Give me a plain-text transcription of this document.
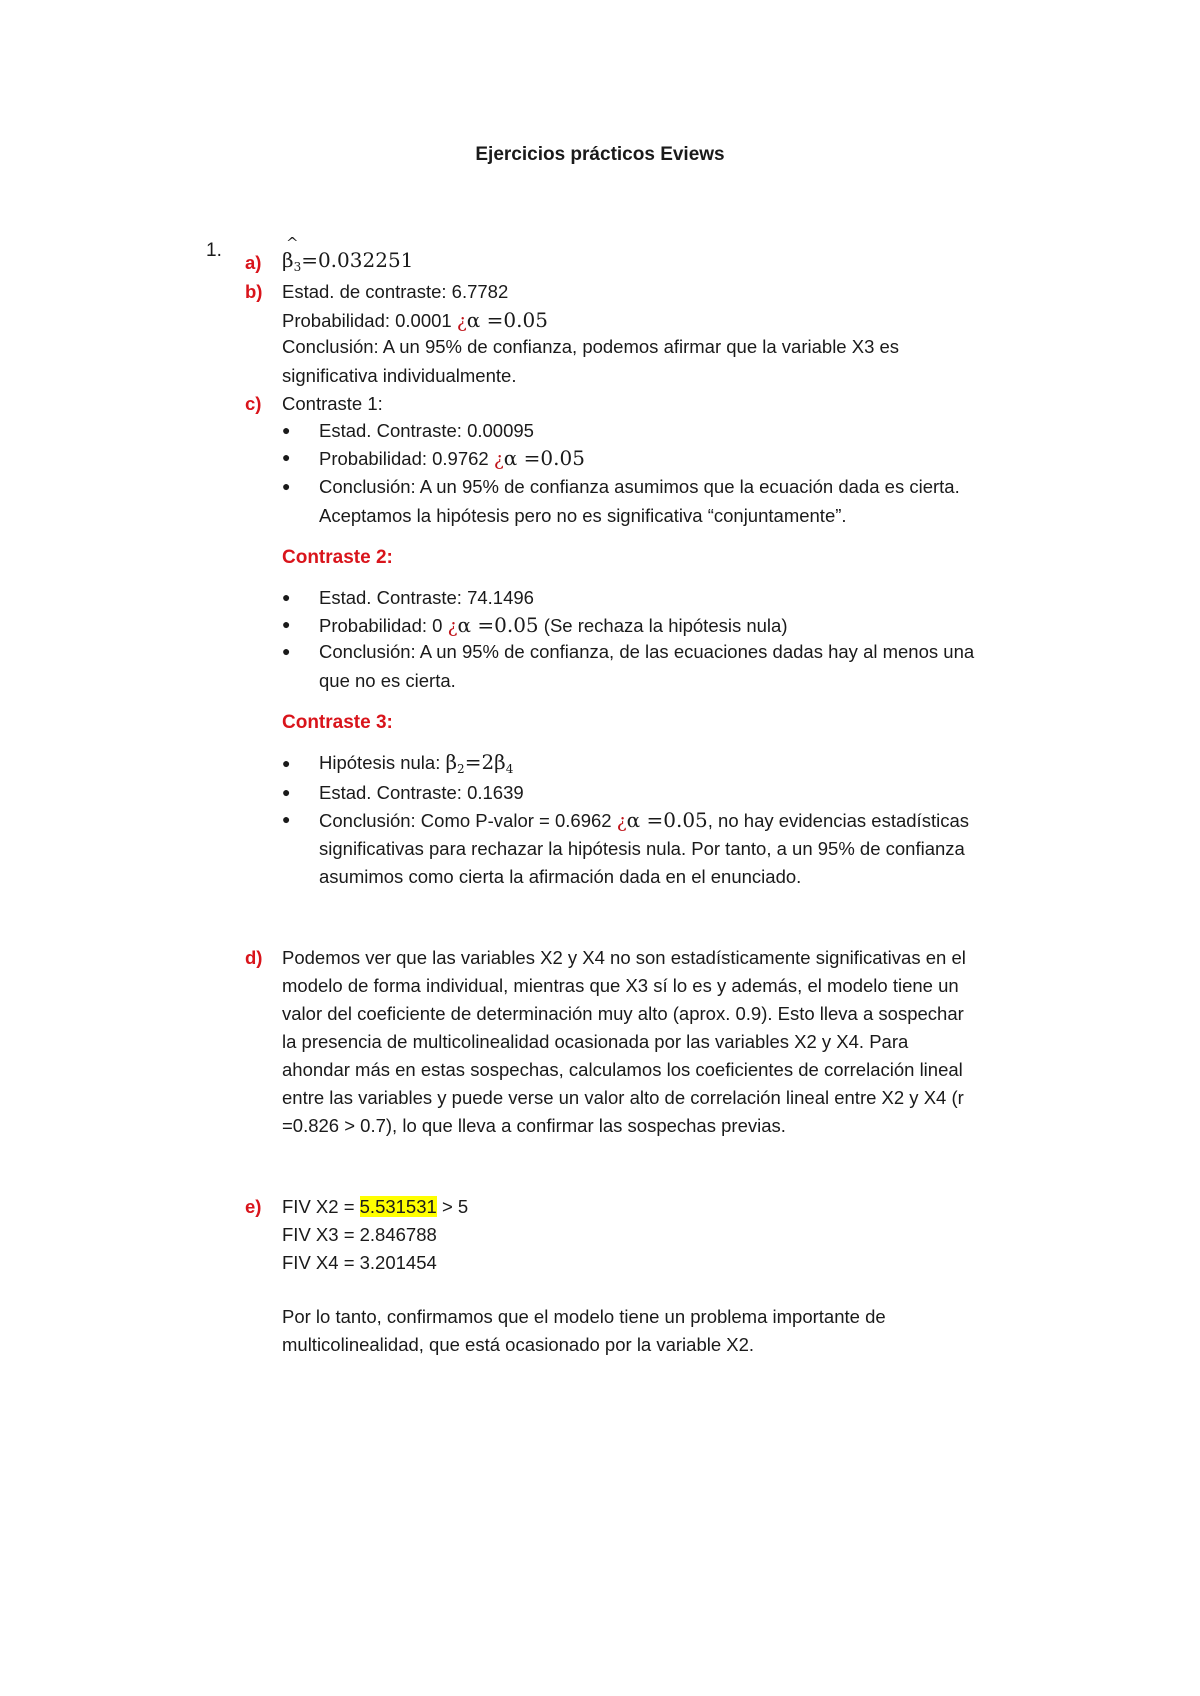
Ejercicios prácticos Eviews
1.
a)
^ $\beta_3=0.032251$
b) Estad. de contraste: 6.7782
Probabilidad: 0.0001 ¿α =0.05
Conclusión: A un 95% de confianza, podemos afirmar que la variable X3 es
significativa individualmente.
c) Contraste 1:
● Estad. Contraste: 0.00095
● Probabilidad: 0.9762 ¿α =0.05
● Conclusión: A un 95% de confianza asumimos que la ecuación dada es cierta.
Aceptamos la hipótesis pero no es significativa “conjuntamente”.
Contraste 2:
● Estad. Contraste: 74.1496
● Probabilidad: 0 ¿α =0.05 (Se rechaza la hipótesis nula)
● Conclusión: A un 95% de confianza, de las ecuaciones dadas hay al menos una
que no es cierta.
Contraste 3:
● Hipótesis nula: $\beta_2=2\beta_4$
● Estad. Contraste: 0.1639
● Conclusión: Como P-valor = 0.6962 ¿α =0.05, no hay evidencias estadísticas
significativas para rechazar la hipótesis nula. Por tanto, a un 95% de confianza
asumimos como cierta la afirmación dada en el enunciado.
d) Podemos ver que las variables X2 y X4 no son estadísticamente significativas en el
modelo de forma individual, mientras que X3 sí lo es y además, el modelo tiene un
valor del coeficiente de determinación muy alto (aprox. 0.9). Esto lleva a sospechar
la presencia de multicolinealidad ocasionada por las variables X2 y X4. Para
ahondar más en estas sospechas, calculamos los coeficientes de correlación lineal
entre las variables y puede verse un valor alto de correlación lineal entre X2 y X4 (r
=0.826 > 0.7), lo que lleva a confirmar las sospechas previas.
e) FIV X2 = 5.531531 > 5
FIV X3 = 2.846788
FIV X4 = 3.201454
Por lo tanto, confirmamos que el modelo tiene un problema importante de
multicolinealidad, que está ocasionado por la variable X2.
